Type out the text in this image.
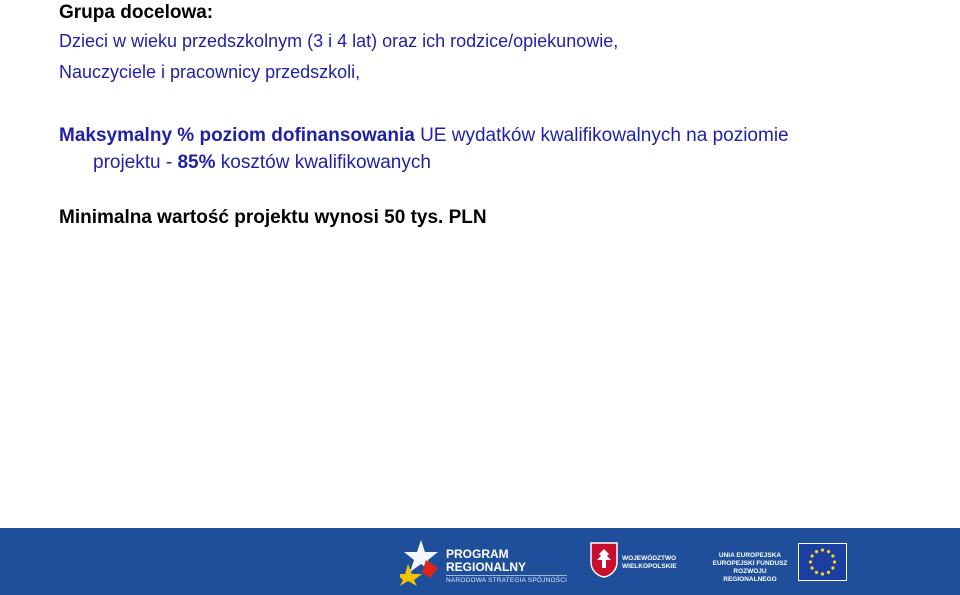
Grupa docelowa:
Dzieci w wieku przedszkolnym (3 i 4 lat) oraz ich rodzice/opiekunowie,
Nauczyciele i pracownicy przedszkoli,
Maksymalny % poziom dofinansowania UE wydatków kwalifikowalnych na poziomie
projektu - 85% kosztów kwalifikowanych
Minimalna wartość projektu wynosi 50 tys. PLN
PROGRAM
REGIONALNY
NARODOWA STRATEGIA SPÓJNOŚCI
WOJEWÓDZTWO
WIELKOPOLSKIE
UNIA EUROPEJSKA
EUROPEJSKI FUNDUSZ
ROZWOJU REGIONALNEGO
